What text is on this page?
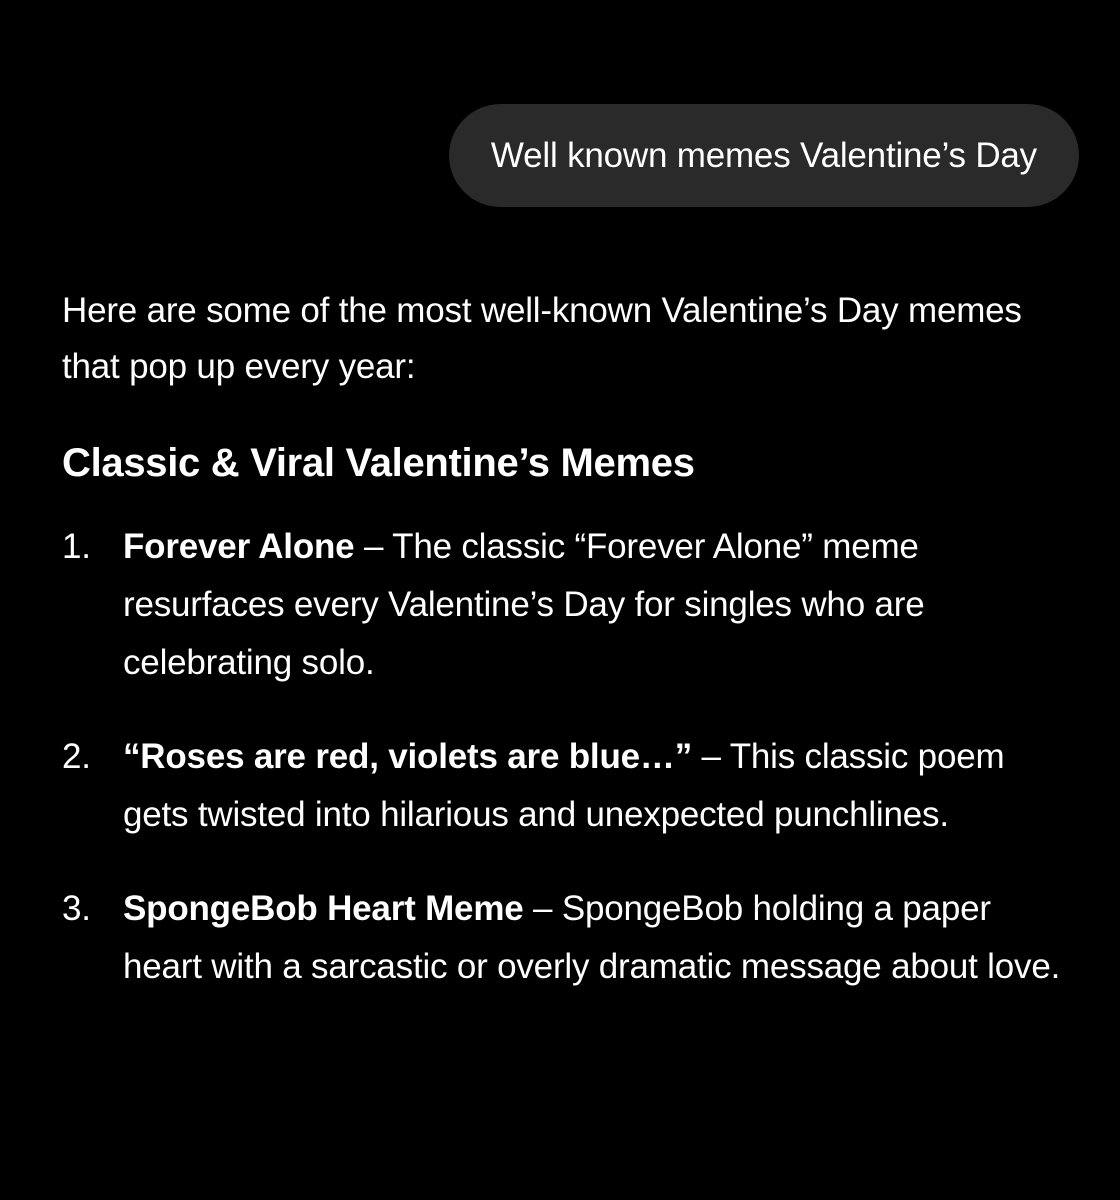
Well known memes Valentine’s Day

Here are some of the most well-known Valentine’s Day memes that pop up every year:

Classic & Viral Valentine’s Memes
1. Forever Alone – The classic “Forever Alone” meme resurfaces every Valentine’s Day for singles who are celebrating solo.
2. “Roses are red, violets are blue…” – This classic poem gets twisted into hilarious and unexpected punchlines.
3. SpongeBob Heart Meme – SpongeBob holding a paper heart with a sarcastic or overly dramatic message about love.
